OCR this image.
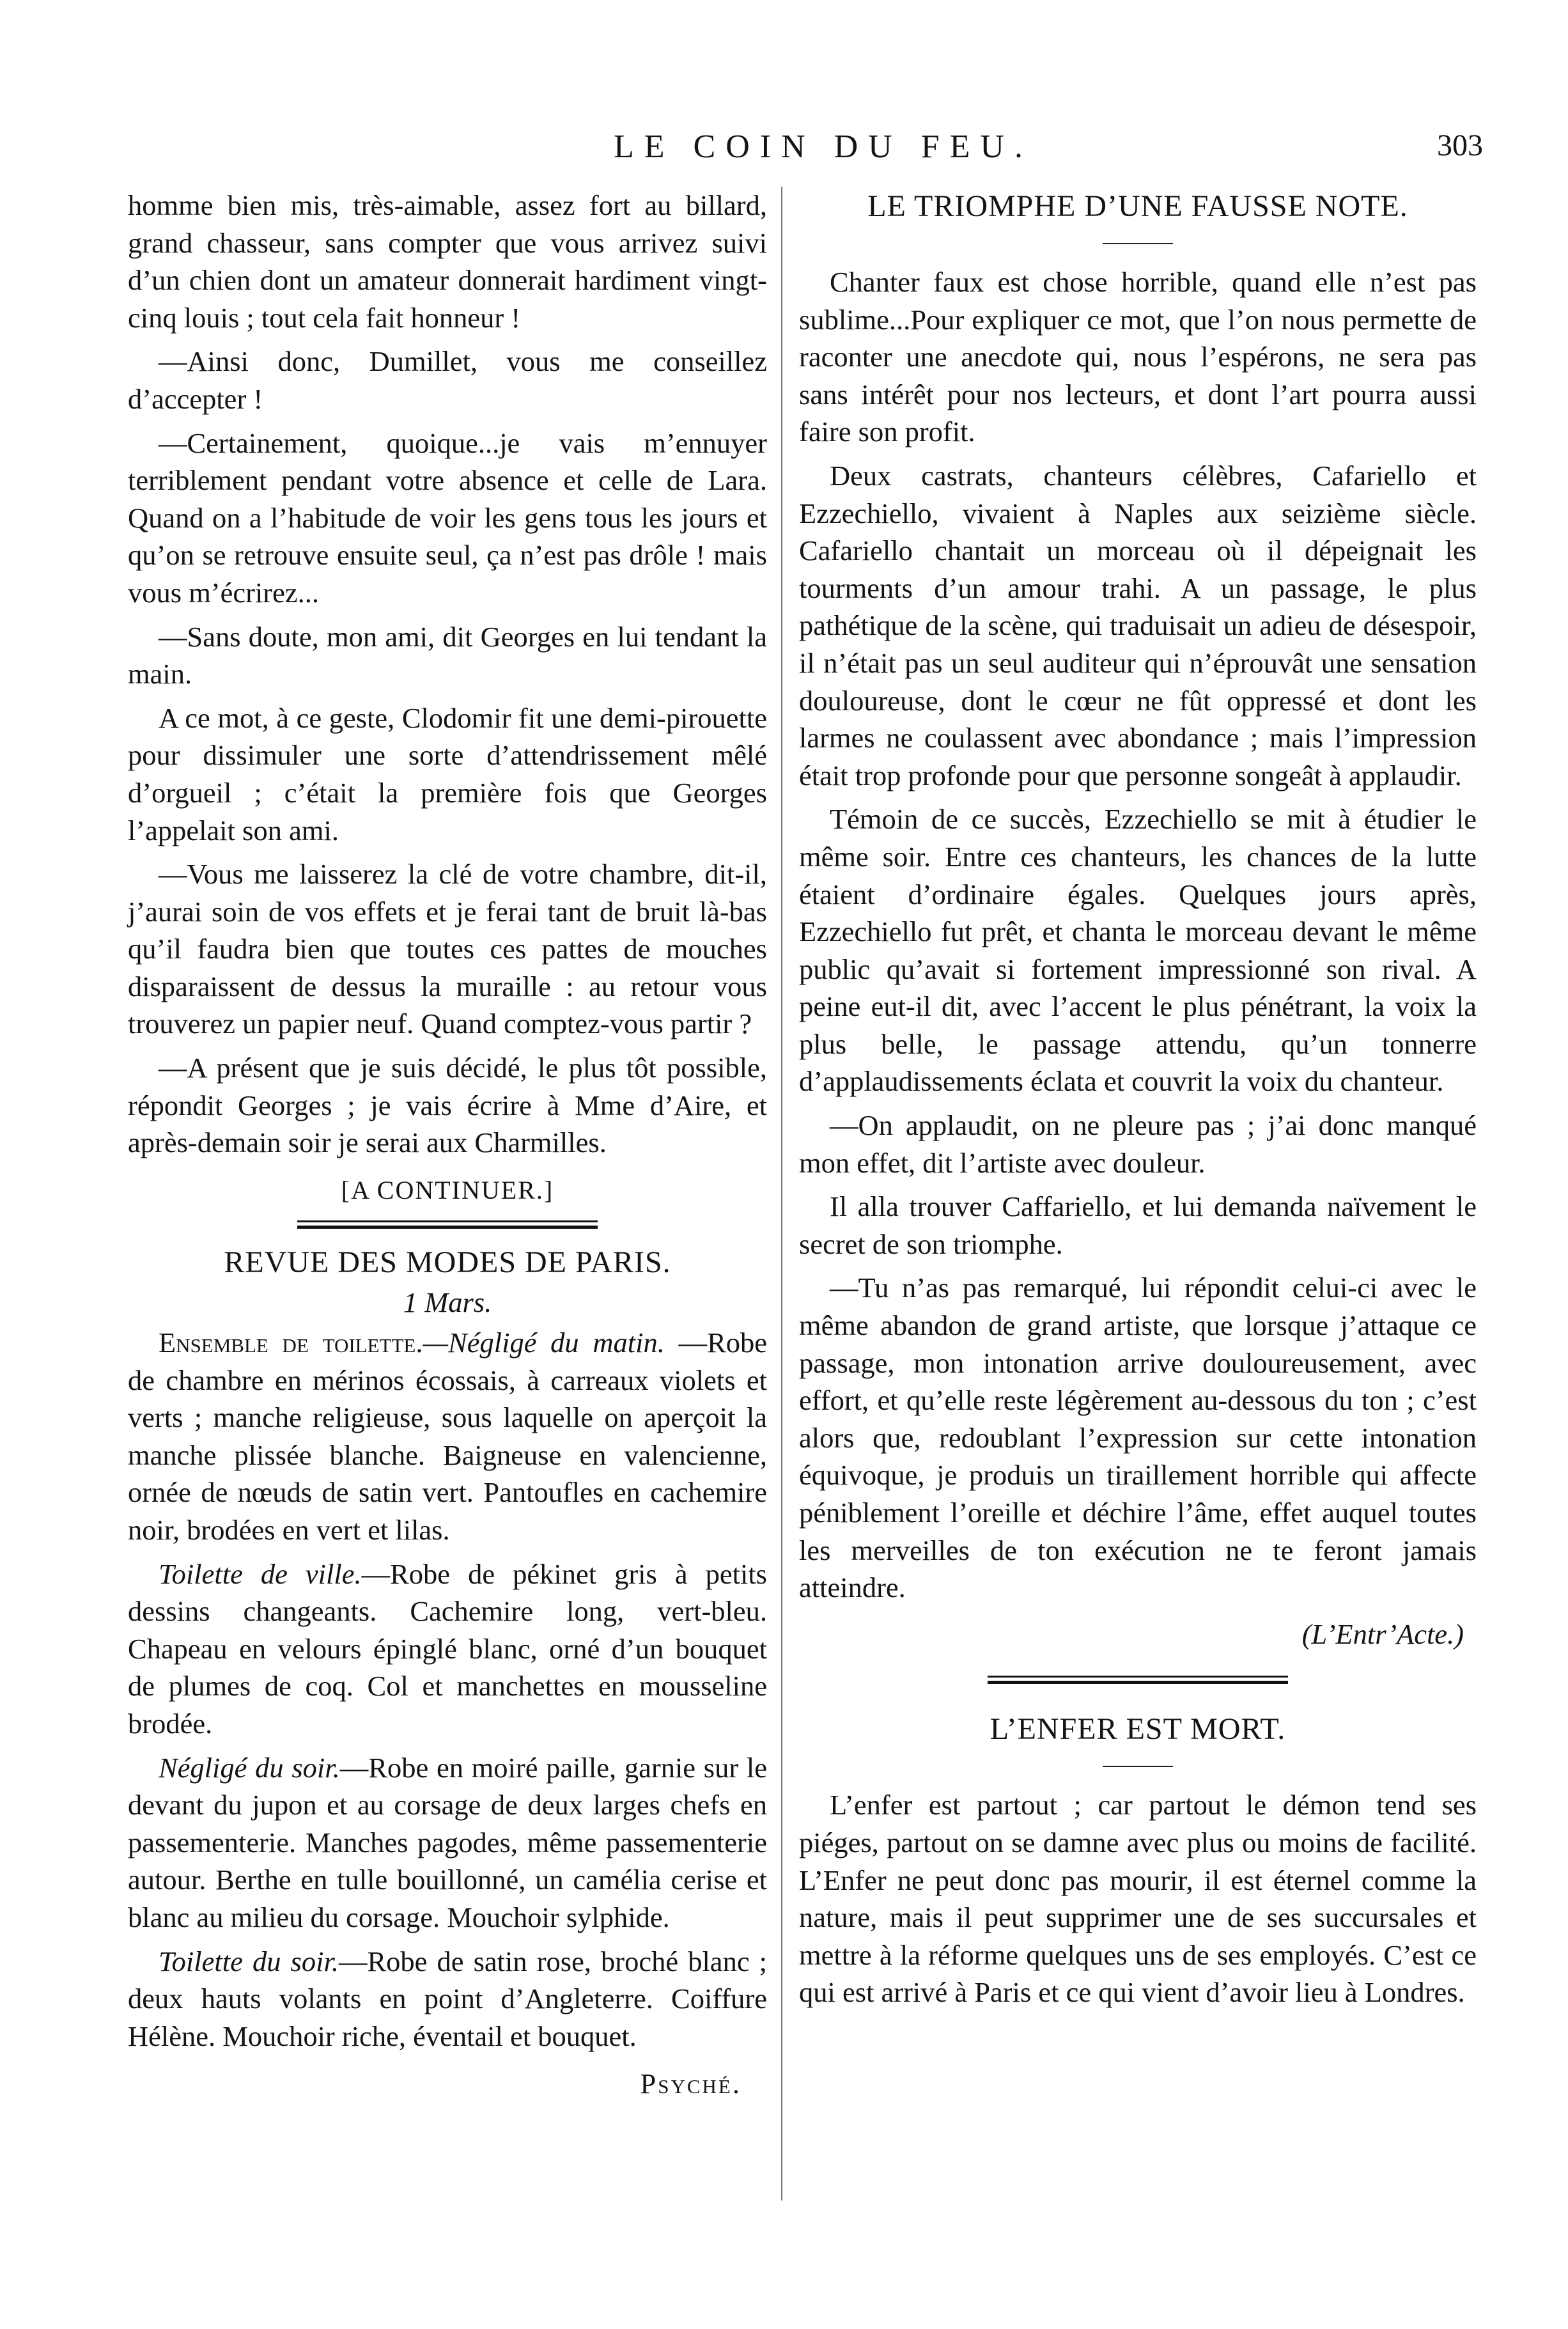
LE COIN DU FEU.	303

homme bien mis, très-aimable, assez fort au billard, grand chasseur, sans compter que vous arrivez suivi d’un chien dont un amateur donnerait hardiment vingt-cinq louis ; tout cela fait honneur !

—Ainsi donc, Dumillet, vous me conseillez d’accepter !

—Certainement, quoique...je vais m’ennuyer terriblement pendant votre absence et celle de Lara. Quand on a l’habitude de voir les gens tous les jours et qu’on se retrouve ensuite seul, ça n’est pas drôle ! mais vous m’écrirez...

—Sans doute, mon ami, dit Georges en lui tendant la main.

A ce mot, à ce geste, Clodomir fit une demi-pirouette pour dissimuler une sorte d’attendrissement mêlé d’orgueil ; c’était la première fois que Georges l’appelait son ami.

—Vous me laisserez la clé de votre chambre, dit-il, j’aurai soin de vos effets et je ferai tant de bruit là-bas qu’il faudra bien que toutes ces pattes de mouches disparaissent de dessus la muraille : au retour vous trouverez un papier neuf. Quand comptez-vous partir ?

—A présent que je suis décidé, le plus tôt possible, répondit Georges ; je vais écrire à Mme d’Aire, et après-demain soir je serai aux Charmilles.

[A CONTINUER.]
REVUE DES MODES DE PARIS.
1 Mars.

Ensemble de toilette.—Négligé du matin. —Robe de chambre en mérinos écossais, à carreaux violets et verts ; manche religieuse, sous laquelle on aperçoit la manche plissée blanche. Baigneuse en valencienne, ornée de nœuds de satin vert. Pantoufles en cachemire noir, brodées en vert et lilas.

Toilette de ville.—Robe de pékinet gris à petits dessins changeants. Cachemire long, vert-bleu. Chapeau en velours épinglé blanc, orné d’un bouquet de plumes de coq. Col et manchettes en mousseline brodée.

Négligé du soir.—Robe en moiré paille, garnie sur le devant du jupon et au corsage de deux larges chefs en passementerie. Manches pagodes, même passementerie autour. Berthe en tulle bouillonné, un camélia cerise et blanc au milieu du corsage. Mouchoir sylphide.

Toilette du soir.—Robe de satin rose, broché blanc ; deux hauts volants en point d’Angleterre. Coiffure Hélène. Mouchoir riche, éventail et bouquet.

Psyché.
LE TRIOMPHE D’UNE FAUSSE NOTE.

Chanter faux est chose horrible, quand elle n’est pas sublime...Pour expliquer ce mot, que l’on nous permette de raconter une anecdote qui, nous l’espérons, ne sera pas sans intérêt pour nos lecteurs, et dont l’art pourra aussi faire son profit.

Deux castrats, chanteurs célèbres, Cafariello et Ezzechiello, vivaient à Naples aux seizième siècle. Cafariello chantait un morceau où il dépeignait les tourments d’un amour trahi. A un passage, le plus pathétique de la scène, qui traduisait un adieu de désespoir, il n’était pas un seul auditeur qui n’éprouvât une sensation douloureuse, dont le cœur ne fût oppressé et dont les larmes ne coulassent avec abondance ; mais l’impression était trop profonde pour que personne songeât à applaudir.

Témoin de ce succès, Ezzechiello se mit à étudier le même soir. Entre ces chanteurs, les chances de la lutte étaient d’ordinaire égales. Quelques jours après, Ezzechiello fut prêt, et chanta le morceau devant le même public qu’avait si fortement impressionné son rival. A peine eut-il dit, avec l’accent le plus pénétrant, la voix la plus belle, le passage attendu, qu’un tonnerre d’applaudissements éclata et couvrit la voix du chanteur.

—On applaudit, on ne pleure pas ; j’ai donc manqué mon effet, dit l’artiste avec douleur.

Il alla trouver Caffariello, et lui demanda naïvement le secret de son triomphe.

—Tu n’as pas remarqué, lui répondit celui-ci avec le même abandon de grand artiste, que lorsque j’attaque ce passage, mon intonation arrive douloureusement, avec effort, et qu’elle reste légèrement au-dessous du ton ; c’est alors que, redoublant l’expression sur cette intonation équivoque, je produis un tiraillement horrible qui affecte péniblement l’oreille et déchire l’âme, effet auquel toutes les merveilles de ton exécution ne te feront jamais atteindre.

(L’Entr’Acte.)
L’ENFER EST MORT.

L’enfer est partout ; car partout le démon tend ses piéges, partout on se damne avec plus ou moins de facilité. L’Enfer ne peut donc pas mourir, il est éternel comme la nature, mais il peut supprimer une de ses succursales et mettre à la réforme quelques uns de ses employés. C’est ce qui est arrivé à Paris et ce qui vient d’avoir lieu à Londres.
